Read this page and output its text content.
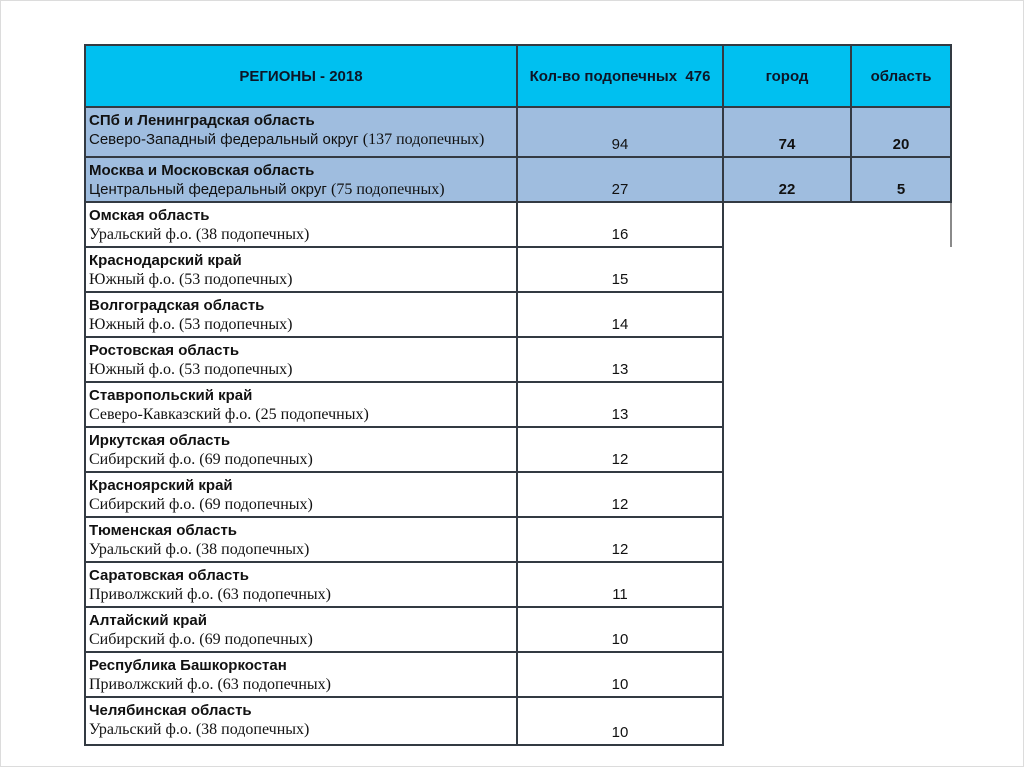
РЕГИОНЫ - 2018	Кол-во подопечных  476	город	область

СПб и Ленинградская область
Северо-Западный федеральный округ (137 подопечных)	94	74	20

Москва и Московская область
Центральный федеральный округ (75 подопечных)	27	22	5

Омская область
Уральский ф.о. (38 подопечных)	16		

Краснодарский край
Южный ф.о. (53 подопечных)	15		

Волгоградская область
Южный ф.о. (53 подопечных)	14		

Ростовская область
Южный ф.о. (53 подопечных)	13		

Ставропольский край
Северо-Кавказский ф.о. (25 подопечных)	13		

Иркутская область
Сибирский ф.о. (69 подопечных)	12		

Красноярский край
Сибирский ф.о. (69 подопечных)	12		

Тюменская область
Уральский ф.о. (38 подопечных)	12		

Саратовская область
Приволжский ф.о. (63 подопечных)	11		

Алтайский край
Сибирский ф.о. (69 подопечных)	10		

Республика Башкоркостан
Приволжский ф.о. (63 подопечных)	10		

Челябинская область
Уральский ф.о. (38 подопечных)	10		
